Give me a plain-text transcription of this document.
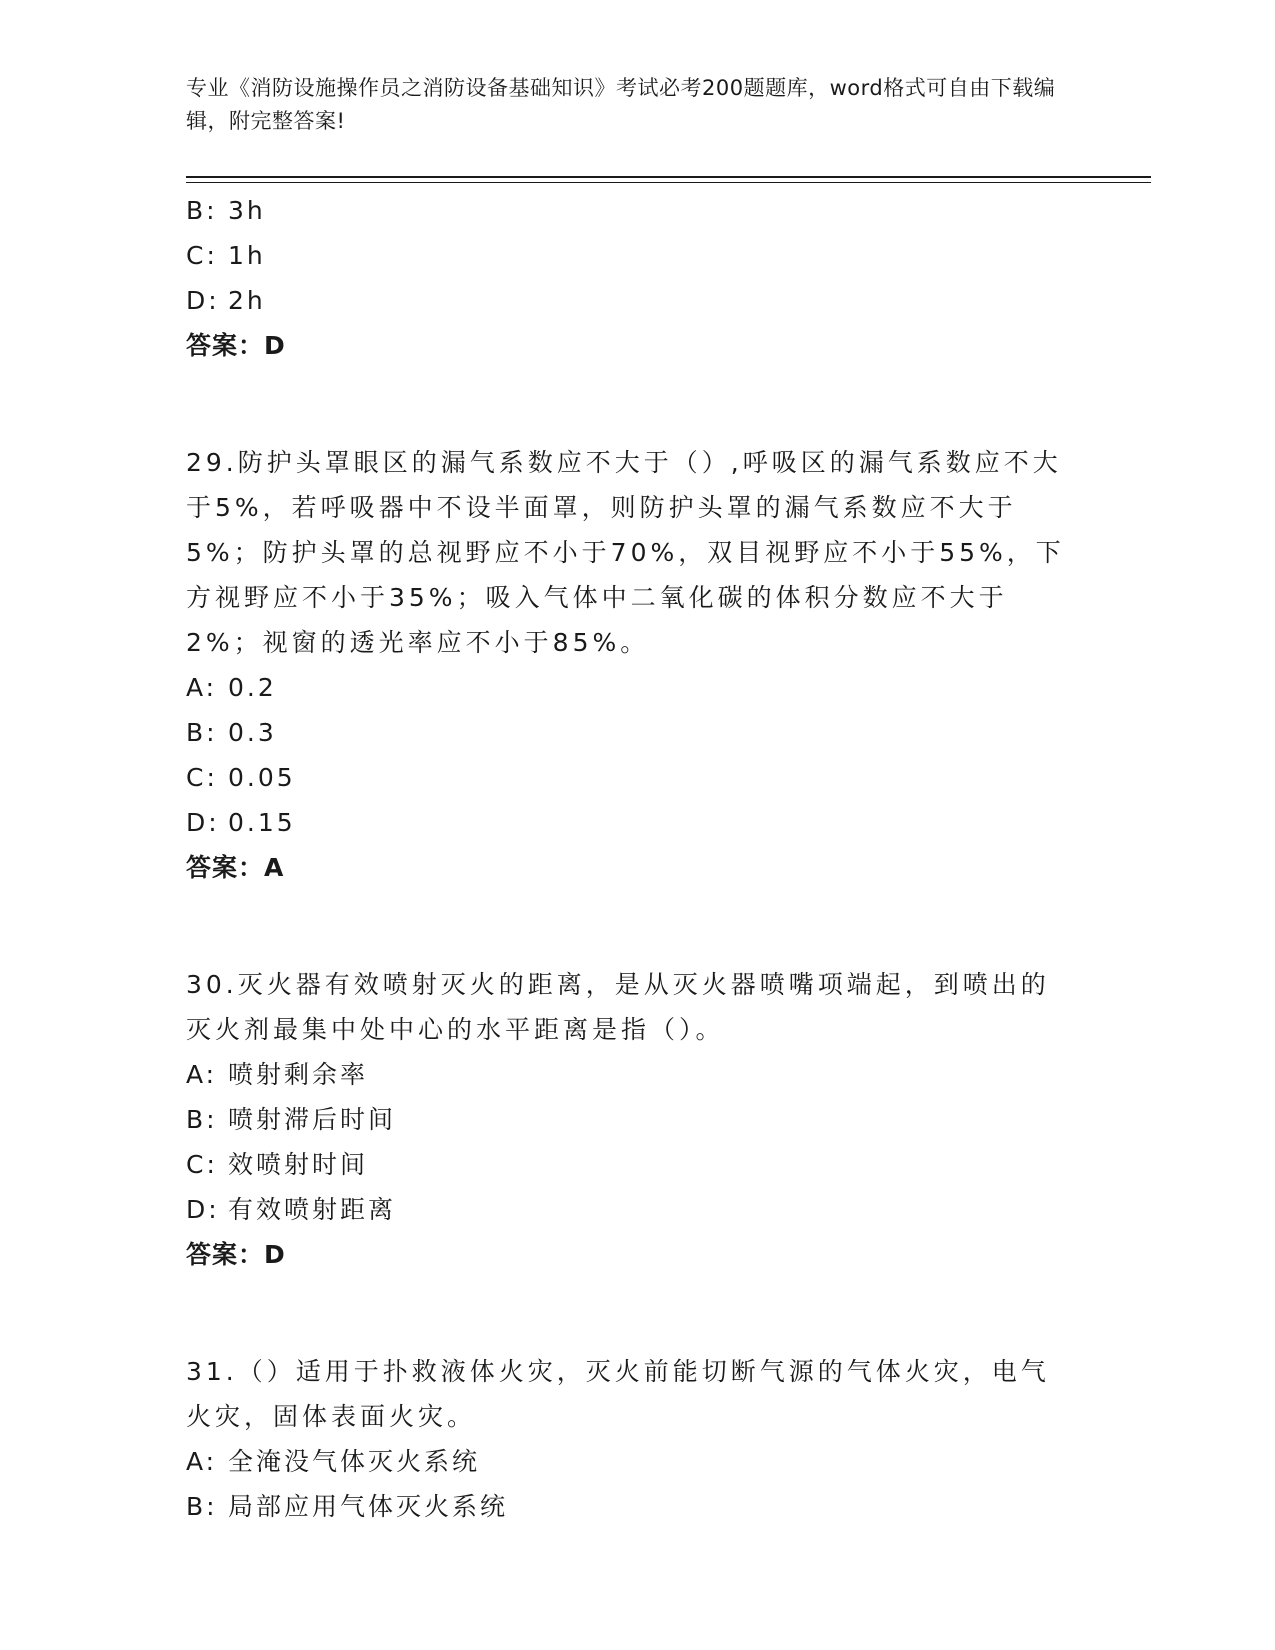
专业《消防设施操作员之消防设备基础知识》考试必考200题题库，word格式可自由下载编辑，附完整答案!
B: 3h
C: 1h
D: 2h
答案：D
29.防护头罩眼区的漏气系数应不大于（）,呼吸区的漏气系数应不大于5%，若呼吸器中不设半面罩，则防护头罩的漏气系数应不大于5%；防护头罩的总视野应不小于70%，双目视野应不小于55%，下方视野应不小于35%；吸入气体中二氧化碳的体积分数应不大于2%；视窗的透光率应不小于85%。
A: 0.2
B: 0.3
C: 0.05
D: 0.15
答案：A
30.灭火器有效喷射灭火的距离，是从灭火器喷嘴项端起，到喷出的灭火剂最集中处中心的水平距离是指（）。
A: 喷射剩余率
B: 喷射滞后时间
C: 效喷射时间
D: 有效喷射距离
答案：D
31.（）适用于扑救液体火灾，灭火前能切断气源的气体火灾，电气火灾，固体表面火灾。
A: 全淹没气体灭火系统
B: 局部应用气体灭火系统
